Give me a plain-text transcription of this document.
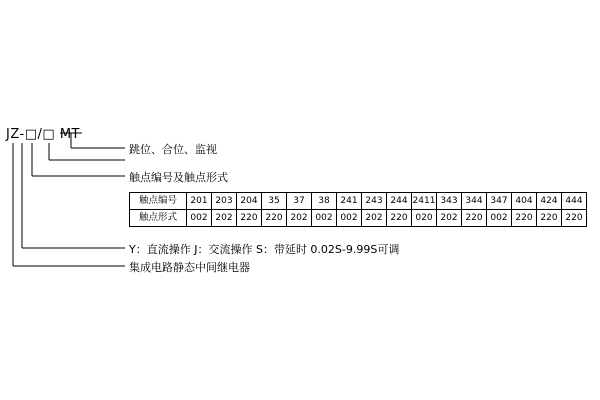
JZ-□/□ MT
跳位、合位、监视
触点编号及触点形式
Y：直流操作 J：交流操作 S：带延时 0.02S-9.99S可调
集成电路静态中间继电器
触点编号	201	203	204	35	37	38	241	243	244	2411	343	344	347	404	424	444
触点形式	002	202	220	220	202	002	002	202	220	020	202	220	002	220	220	220
